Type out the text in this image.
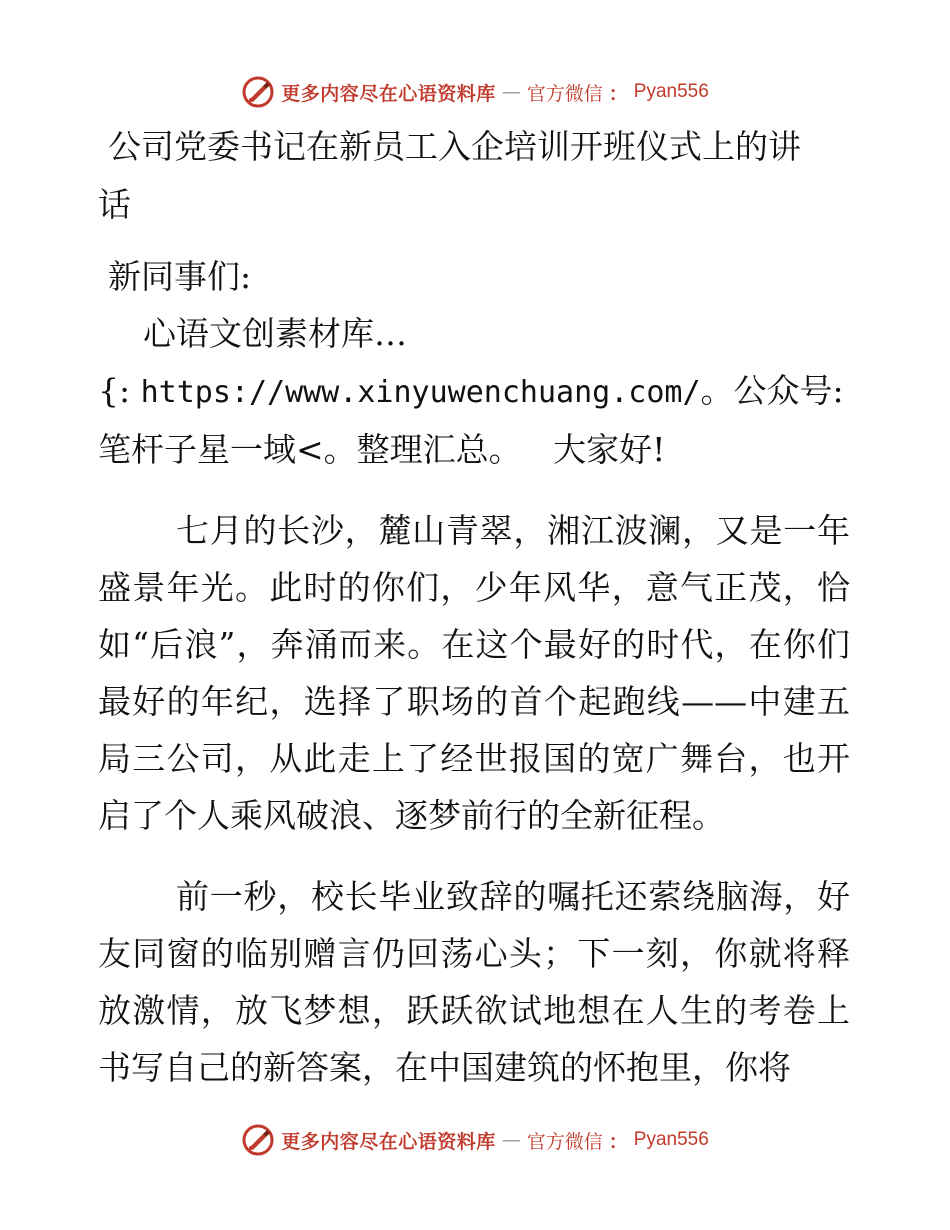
更多内容尽在心语资料库 — 官方微信 ： Pyan556
公司党委书记在新员工入企培训开班仪式上的讲
话

新同事们:

心语文创素材库…

{: https://www.xinyuwenchuang.com/。公众号:

笔杆子星一域<。整理汇总。   大家好!

七月的长沙，麓山青翠，湘江波澜，又是一年盛景年光。此时的你们，少年风华，意气正茂，恰如“后浪”，奔涌而来。在这个最好的时代，在你们最好的年纪，选择了职场的首个起跑线——中建五局三公司，从此走上了经世报国的宽广舞台，也开启了个人乘风破浪、逐梦前行的全新征程。

前一秒，校长毕业致辞的嘱托还萦绕脑海，好友同窗的临别赠言仍回荡心头；下一刻，你就将释放激情，放飞梦想，跃跃欲试地想在人生的考卷上书写自己的新答案，在中国建筑的怀抱里，你将

更多内容尽在心语资料库 — 官方微信 ： Pyan556
